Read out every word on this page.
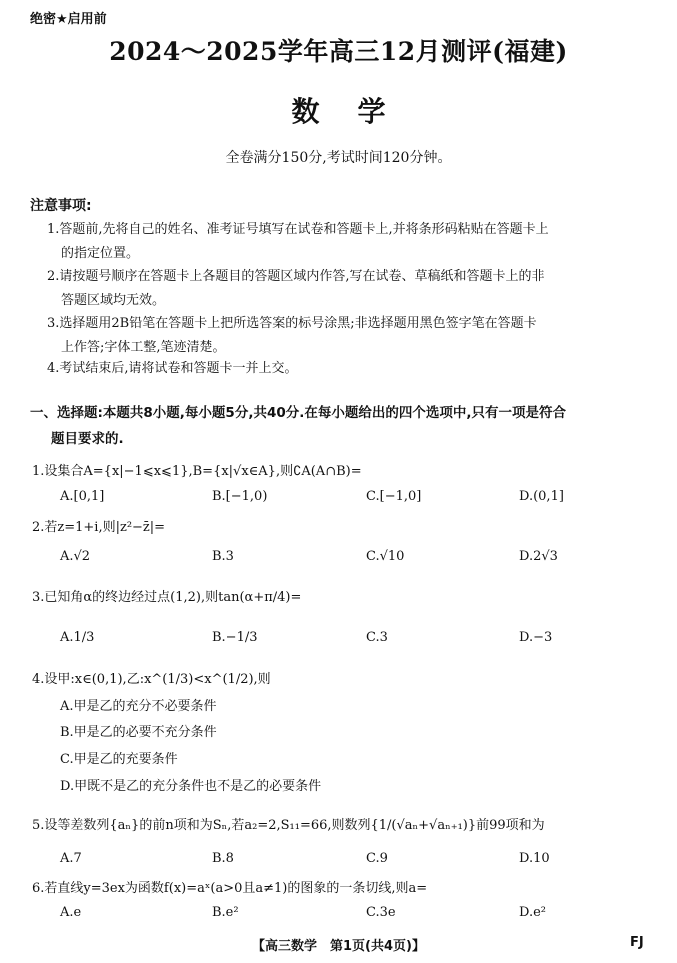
绝密★启用前
2024～2025学年高三12月测评(福建)
数学
全卷满分150分,考试时间120分钟。
注意事项:
1.答题前,先将自己的姓名、准考证号填写在试卷和答题卡上,并将条形码粘贴在答题卡上
的指定位置。
2.请按题号顺序在答题卡上各题目的答题区域内作答,写在试卷、草稿纸和答题卡上的非
答题区域均无效。
3.选择题用2B铅笔在答题卡上把所选答案的标号涂黑;非选择题用黑色签字笔在答题卡
上作答;字体工整,笔迹清楚。
4.考试结束后,请将试卷和答题卡一并上交。
一、选择题:本题共8小题,每小题5分,共40分.在每小题给出的四个选项中,只有一项是符合
题目要求的.
1.设集合A={x|−1⩽x⩽1},B={x|√x∈A},则∁A(A∩B)=
A.[0,1]	B.[−1,0)	C.[−1,0]	D.(0,1]
2.若z=1+i,则|z²−z̄|=
A.√2	B.3	C.√10	D.2√3
3.已知角α的终边经过点(1,2),则tan(α+π/4)=
A.1/3	B.−1/3	C.3	D.−3
4.设甲:x∈(0,1),乙:x^(1/3)<x^(1/2),则
A.甲是乙的充分不必要条件
B.甲是乙的必要不充分条件
C.甲是乙的充要条件
D.甲既不是乙的充分条件也不是乙的必要条件
5.设等差数列{aₙ}的前n项和为Sₙ,若a₂=2,S₁₁=66,则数列{1/(√aₙ+√aₙ₊₁)}前99项和为
A.7	B.8	C.9	D.10
6.若直线y=3ex为函数f(x)=aˣ(a>0且a≠1)的图象的一条切线,则a=
A.e	B.e²	C.3e	D.e²
【高三数学　第1页(共4页)】	FJ
